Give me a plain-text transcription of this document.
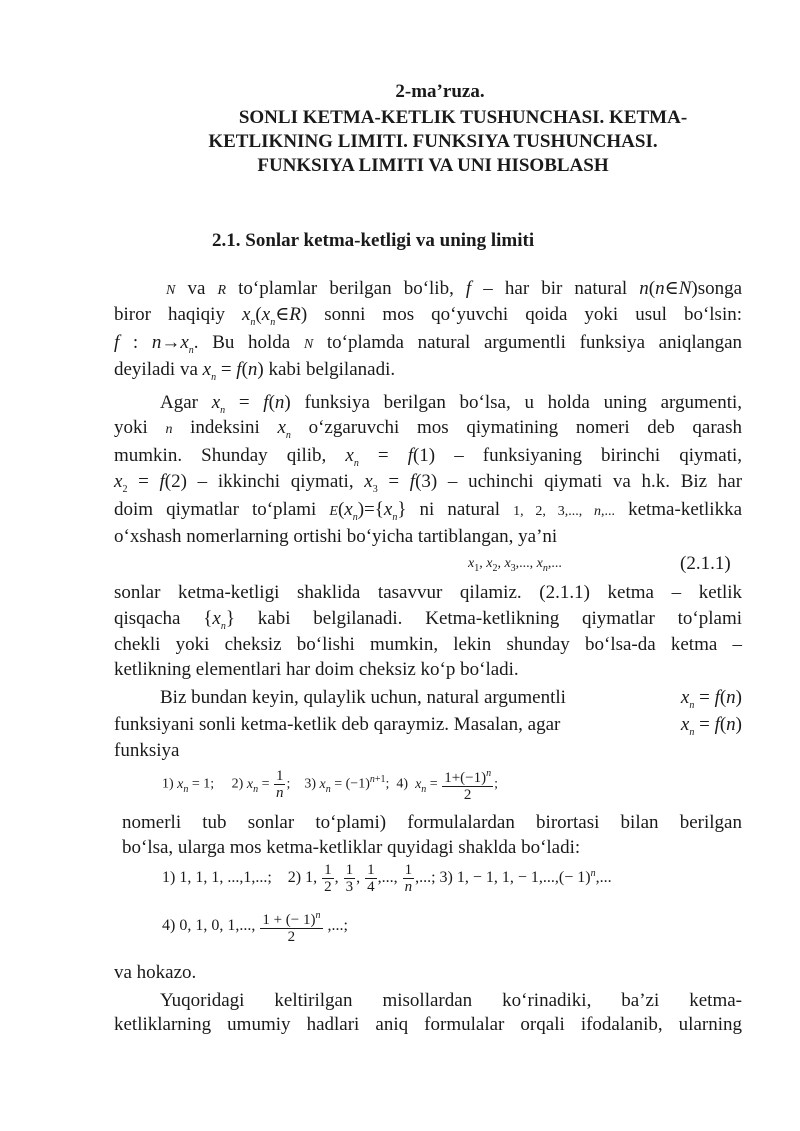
2-ma’ruza.
SONLI KETMA-KETLIK TUSHUNCHASI. KETMA-
KETLIKNING LIMITI. FUNKSIYA TUSHUNCHASI.
FUNKSIYA LIMITI VA UNI HISOBLASH
2.1. Sonlar ketma-ketligi va uning limiti
N va R to‘plamlar berilgan bo‘lib, f – har bir natural n(n∈N)songa
biror haqiqiy $x_n(x_n\in R)$ sonni mos qo‘yuvchi qoida yoki usul bo‘lsin:
f : $n\to x_n$. Bu holda N to‘plamda natural argumentli funksiya aniqlangan
deyiladi va $x_n = f(n)$ kabi belgilanadi.
Agar $x_n = f(n)$ funksiya berilgan bo‘lsa, u holda uning argumenti,
yoki n indeksini $x_n$ o‘zgaruvchi mos qiymatining nomeri deb qarash
mumkin. Shunday qilib, $x_n = f(1)$ – funksiyaning birinchi qiymati,
$x_2 = f(2)$ – ikkinchi qiymati, $x_3 = f(3)$ – uchinchi qiymati va h.k. Biz har
doim qiymatlar to‘plami $E(x_n)=\{x_n\}$ ni natural 1, 2, 3,..., n,... ketma-ketlikka
o‘xshash nomerlarning ortishi bo‘yicha tartiblangan, ya’ni
$x_1$, $x_2$, $x_3$,..., $x_n$,...	(2.1.1)
sonlar ketma-ketligi shaklida tasavvur qilamiz. (2.1.1) ketma – ketlik
qisqacha $\{x_n\}$ kabi belgilanadi. Ketma-ketlikning qiymatlar to‘plami
chekli yoki cheksiz bo‘lishi mumkin, lekin shunday bo‘lsa-da ketma –
ketlikning elementlari har doim cheksiz ko‘p bo‘ladi.
Biz bundan keyin, qulaylik uchun, natural argumentli	$x_n = f(n)$
funksiyani sonli ketma-ketlik deb qaraymiz. Masalan, agar	$x_n = f(n)$
funksiya
1) $x_n = 1$;     2) $x_n = \frac{1}{n}$ ;    3) $x_n = (-1)^{n+1}$;  4)  $x_n = \frac{1+(-1)^n}{2}$ ;
nomerli tub sonlar to‘plami) formulalardan birortasi bilan berilgan
bo‘lsa, ularga mos ketma-ketliklar quyidagi shaklda bo‘ladi:
1) 1, 1, 1, ...,1,...;    2) 1, $\frac{1}{2}$ , $\frac{1}{3}$ , $\frac{1}{4}$ ,..., $\frac{1}{n}$ ,...; 3) 1, − 1, 1, − $1,...,(- 1)^n$,...
4) 0, 1, 0, 1,..., $\frac{1 + (- 1)^n}{2}$ ,...;
va hokazo.
Yuqoridagi keltirilgan misollardan ko‘rinadiki, ba’zi ketma-
ketliklarning umumiy hadlari aniq formulalar orqali ifodalanib, ularning
